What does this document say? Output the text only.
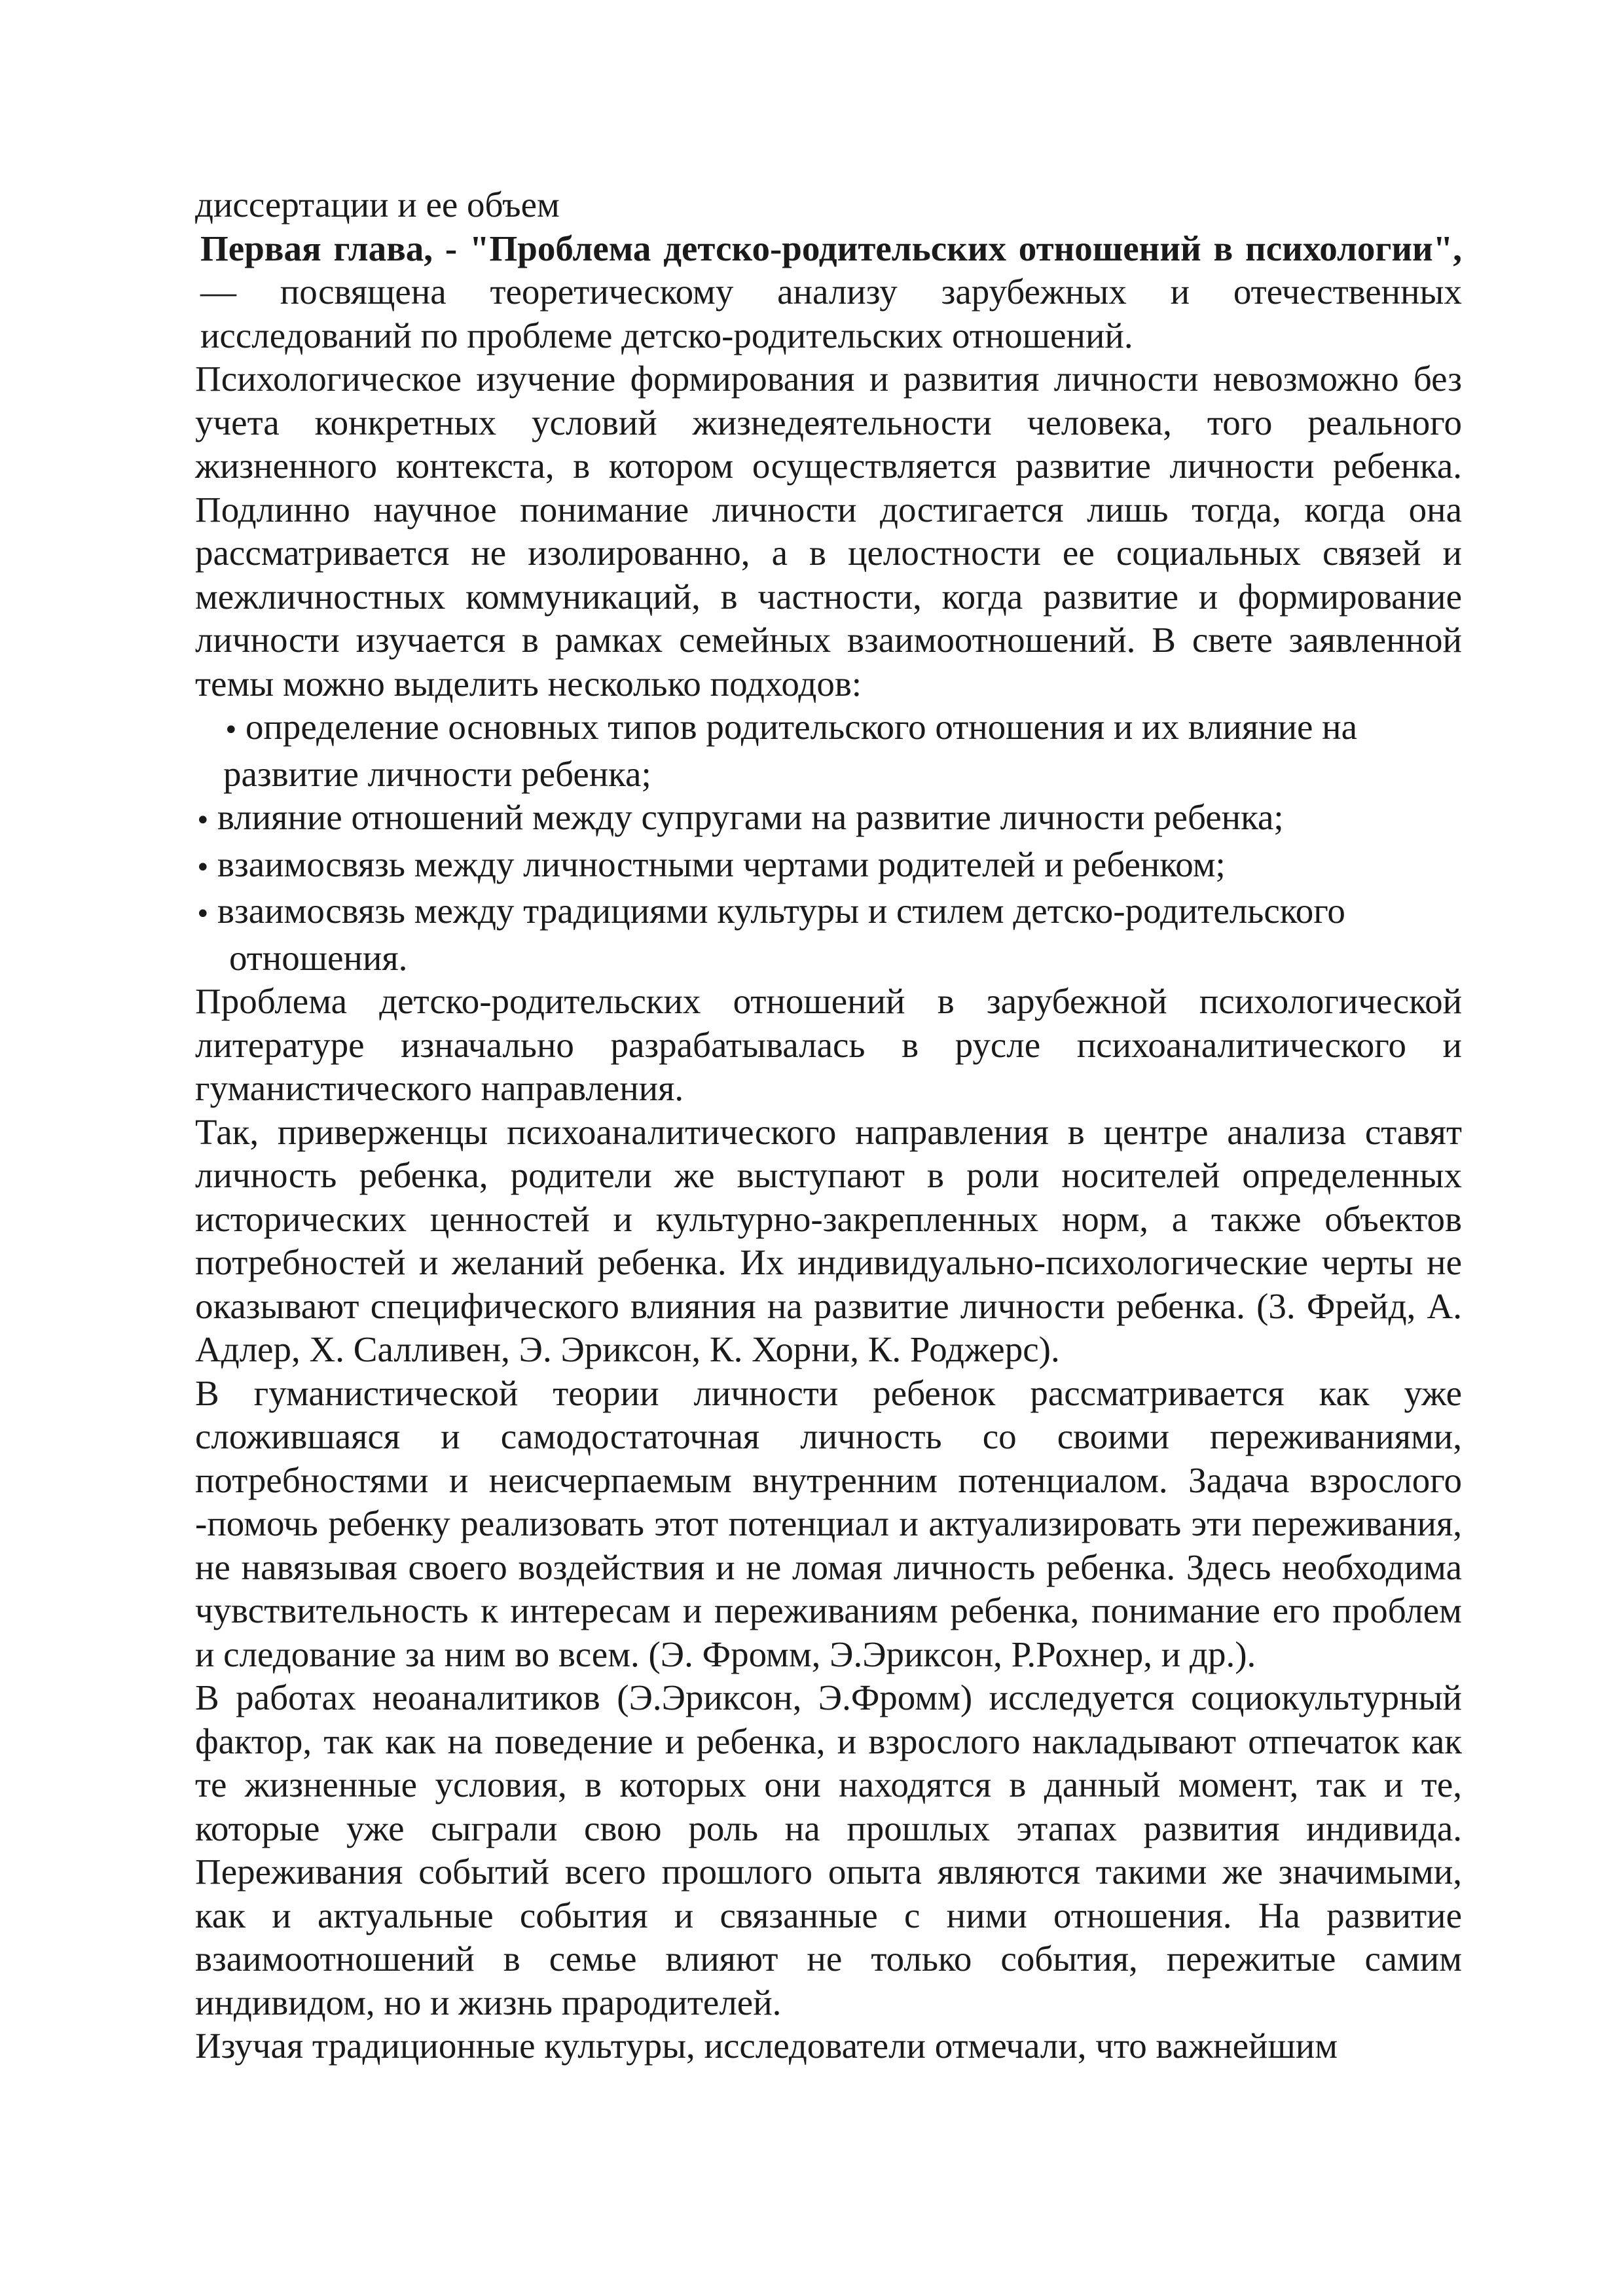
диссертации и ее объем

Первая глава, - "Проблема детско-родительских отношений в психологии", — посвящена теоретическому анализу зарубежных и отечественных исследований по проблеме детско-родительских отношений.

Психологическое изучение формирования и развития личности невозможно без учета конкретных условий жизнедеятельности человека, того реального жизненного контекста, в котором осуществляется развитие личности ребенка. Подлинно научное понимание личности достигается лишь тогда, когда она рассматривается не изолированно, а в целостности ее социальных связей и межличностных коммуникаций, в частности, когда развитие и формирование личности изучается в рамках семейных взаимоотношений. В свете заявленной темы можно выделить несколько подходов:

• определение основных типов родительского отношения и их влияние на
развитие личности ребенка;
• влияние отношений между супругами на развитие личности ребенка;
• взаимосвязь между личностными чертами родителей и ребенком;
• взаимосвязь между традициями культуры и стилем детско-родительского
отношения.

Проблема детско-родительских отношений в зарубежной психологической литературе изначально разрабатывалась в русле психоаналитического и гуманистического направления.

Так, приверженцы психоаналитического направления в центре анализа ставят личность ребенка, родители же выступают в роли носителей определенных исторических ценностей и культурно-закрепленных норм, а также объектов потребностей и желаний ребенка. Их индивидуально-психологические черты не оказывают специфического влияния на развитие личности ребенка. (3. Фрейд, А. Адлер, X. Салливен, Э. Эриксон, К. Хорни, К. Роджерс).

В гуманистической теории личности ребенок рассматривается как уже сложившаяся и самодостаточная личность со своими переживаниями, потребностями и неисчерпаемым внутренним потенциалом. Задача взрослого -помочь ребенку реализовать этот потенциал и актуализировать эти переживания, не навязывая своего воздействия и не ломая личность ребенка. Здесь необходима чувствительность к интересам и переживаниям ребенка, понимание его проблем и следование за ним во всем. (Э. Фромм, Э.Эриксон, Р.Рохнер, и др.).

В работах неоаналитиков (Э.Эриксон, Э.Фромм) исследуется социокультурный фактор, так как на поведение и ребенка, и взрослого накладывают отпечаток как те жизненные условия, в которых они находятся в данный момент, так и те, которые уже сыграли свою роль на прошлых этапах развития индивида. Переживания событий всего прошлого опыта являются такими же значимыми, как и актуальные события и связанные с ними отношения. На развитие взаимоотношений в семье влияют не только события, пережитые самим индивидом, но и жизнь прародителей.

Изучая традиционные культуры, исследователи отмечали, что важнейшим
